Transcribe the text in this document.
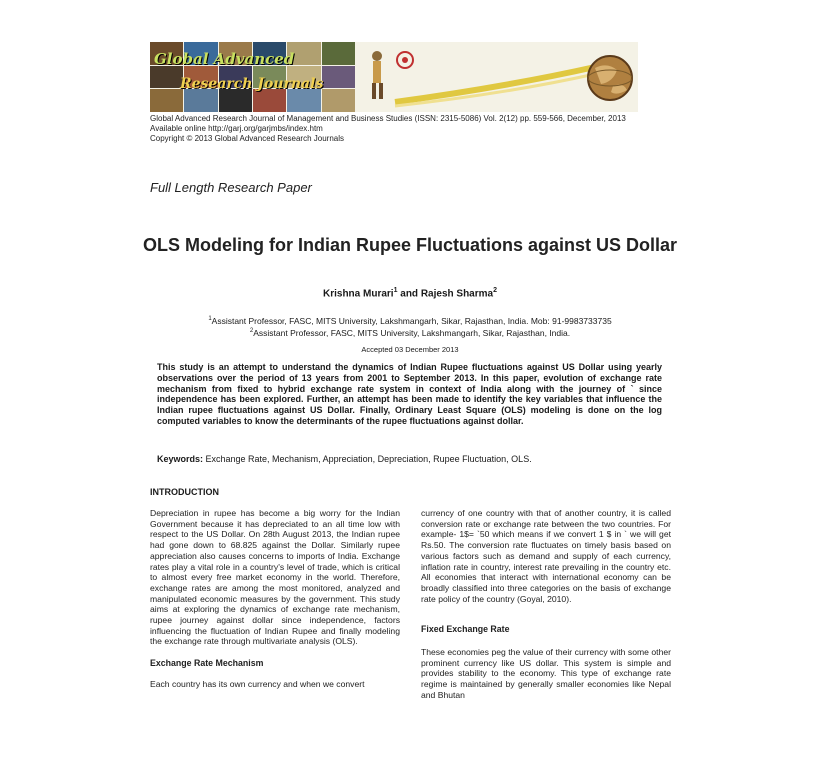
Global Advanced
Research Journals
Global Advanced Research Journal of Management and Business Studies (ISSN: 2315-5086) Vol. 2(12) pp. 559-566, December, 2013
Available online http://garj.org/garjmbs/index.htm
Copyright © 2013 Global Advanced Research Journals
Full Length Research Paper
OLS Modeling for Indian Rupee Fluctuations against US Dollar
Krishna Murari$^1$ and Rajesh Sharma$^2$
$^1$Assistant Professor, FASC, MITS University, Lakshmangarh, Sikar, Rajasthan, India. Mob: 91-9983733735
$^2$Assistant Professor, FASC, MITS University, Lakshmangarh, Sikar, Rajasthan, India.
Accepted 03 December 2013
This study is an attempt to understand the dynamics of Indian Rupee fluctuations against US Dollar using yearly observations over the period of 13 years from 2001 to September 2013. In this paper, evolution of exchange rate mechanism from fixed to hybrid exchange rate system in context of India along with the journey of ` since independence has been explored. Further, an attempt has been made to identify the key variables that influence the Indian rupee fluctuations against US Dollar. Finally, Ordinary Least Square (OLS) modeling is done on the log computed variables to know the determinants of the rupee fluctuations against dollar.
Keywords: Exchange Rate, Mechanism, Appreciation, Depreciation, Rupee Fluctuation, OLS.
INTRODUCTION
Depreciation in rupee has become a big worry for the Indian Government because it has depreciated to an all time low with respect to the US Dollar. On 28th August 2013, the Indian rupee had gone down to 68.825 against the Dollar. Similarly rupee appreciation also causes concerns to imports of India. Exchange rates play a vital role in a country's level of trade, which is critical to almost every free market economy in the world. Therefore, exchange rates are among the most monitored, analyzed and manipulated economic measures by the government. This study aims at exploring the dynamics of exchange rate mechanism, rupee journey against dollar since independence, factors influencing the fluctuation of Indian Rupee and finally modeling the exchange rate through multivariate analysis (OLS).
Exchange Rate Mechanism
Each country has its own currency and when we convert
currency of one country with that of another country, it is called conversion rate or exchange rate between the two countries. For example- 1$= `50 which means if we convert 1 $ in ` we will get Rs.50. The conversion rate fluctuates on timely basis based on various factors such as demand and supply of each currency, inflation rate in country, interest rate prevailing in the country etc. All economies that interact with international economy can be broadly classified into three categories on the basis of exchange rate policy of the country (Goyal, 2010).
Fixed Exchange Rate
These economies peg the value of their currency with some other prominent currency like US dollar. This system is simple and provides stability to the economy. This type of exchange rate regime is maintained by generally smaller economies like Nepal and Bhutan
